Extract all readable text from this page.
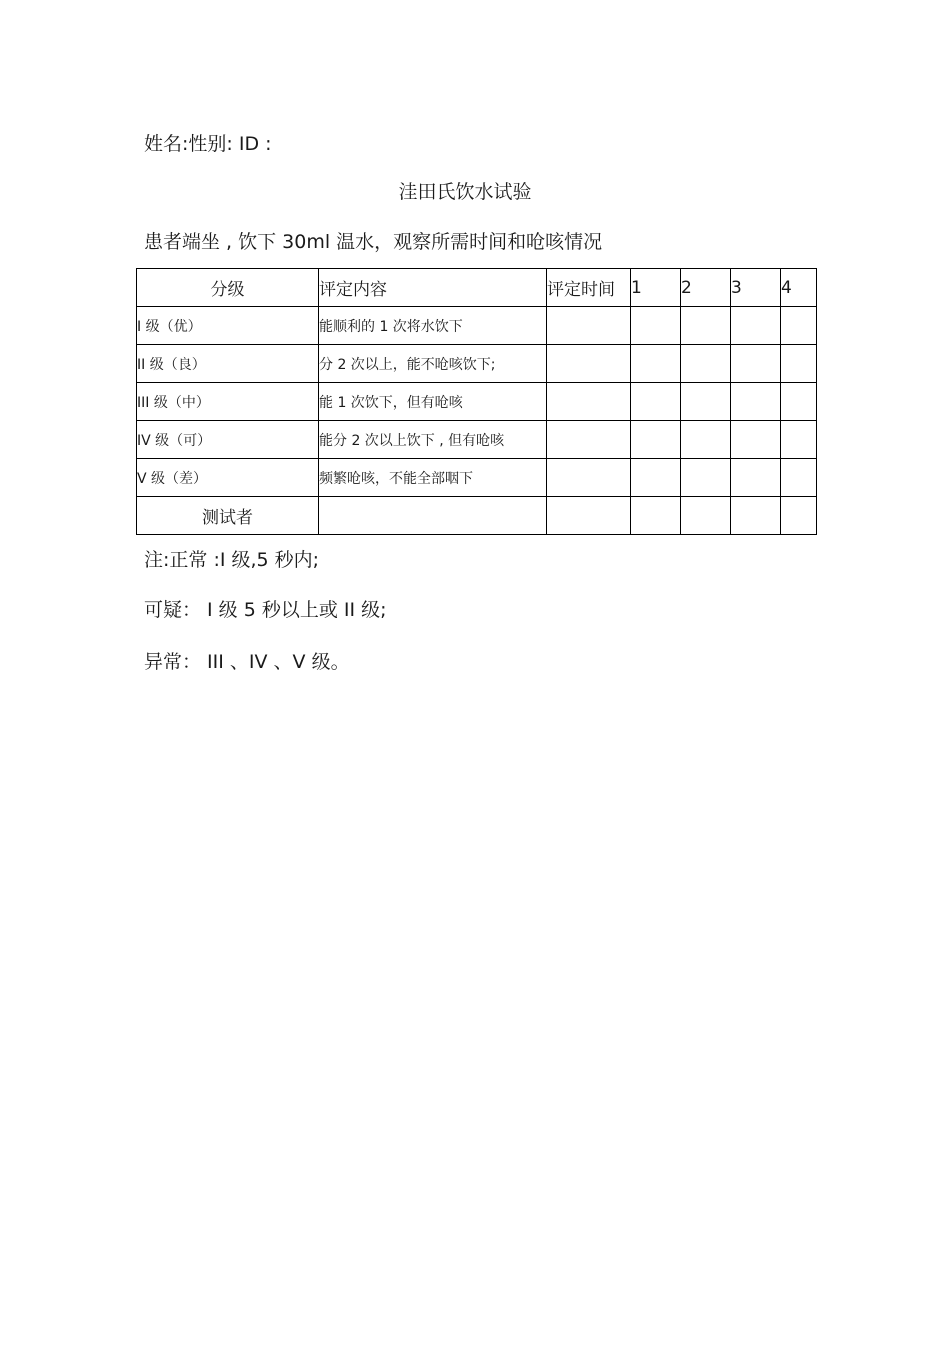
姓名:性别: ID :
洼田氏饮水试验
患者端坐 , 饮下 30ml 温水，观察所需时间和呛咳情况
分级	评定内容	评定时间	1	2	3	4
I 级（优）	能顺利的 1 次将水饮下					
II 级（良）	分 2 次以上，能不呛咳饮下;					
III 级（中）	能 1 次饮下，但有呛咳					
IV 级（可）	能分 2 次以上饮下 , 但有呛咳					
V 级（差）	频繁呛咳，不能全部咽下					
测试者						
注:正常 :I 级,5 秒内;
可疑： I 级 5 秒以上或 II 级;
异常： III 、IV 、V 级。
